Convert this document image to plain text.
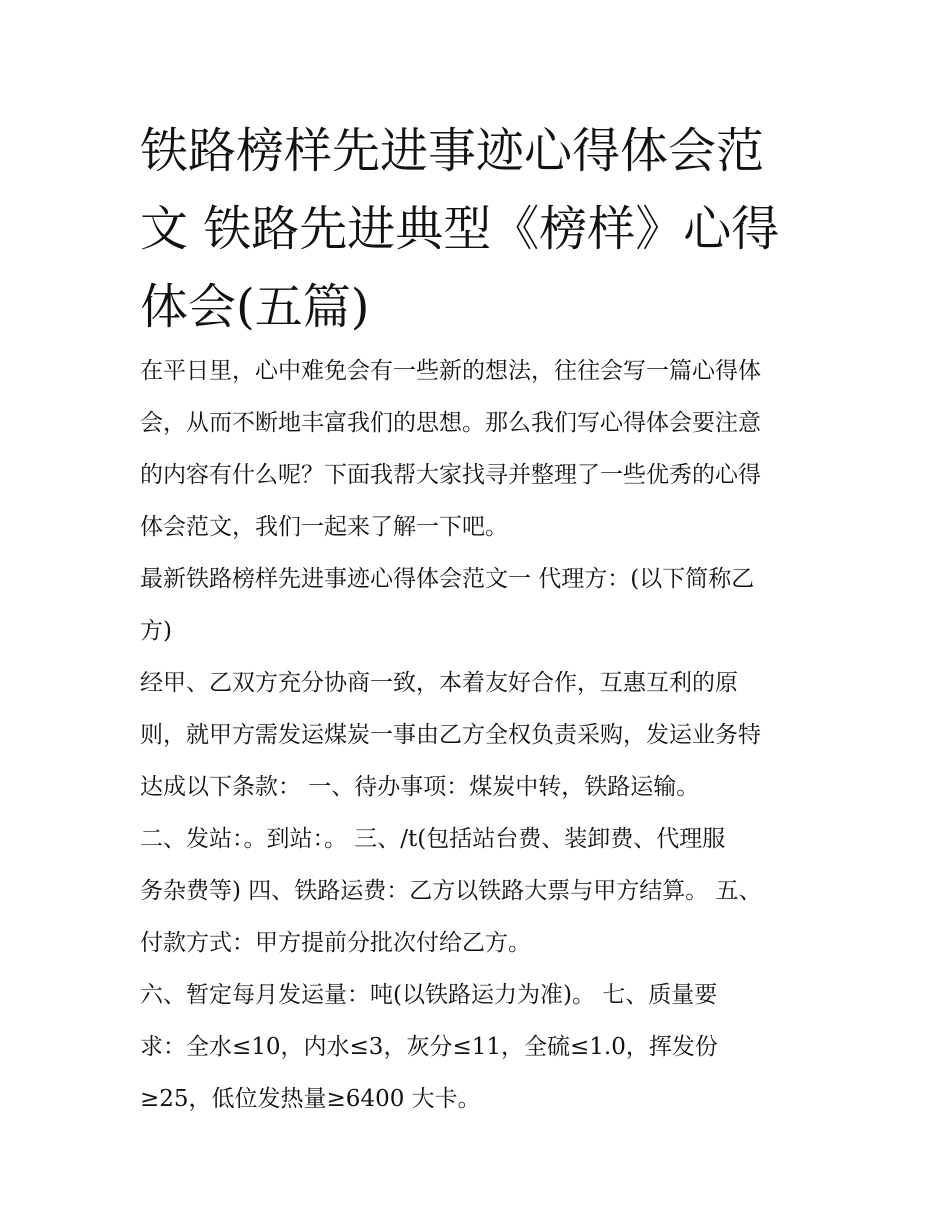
铁路榜样先进事迹心得体会范
文 铁路先进典型《榜样》心得
体会(五篇)
在平日里，心中难免会有一些新的想法，往往会写一篇心得体
会，从而不断地丰富我们的思想。那么我们写心得体会要注意
的内容有什么呢？下面我帮大家找寻并整理了一些优秀的心得
体会范文，我们一起来了解一下吧。
最新铁路榜样先进事迹心得体会范文一 代理方：(以下简称乙
方)
经甲、乙双方充分协商一致，本着友好合作，互惠互利的原
则，就甲方需发运煤炭一事由乙方全权负责采购，发运业务特
达成以下条款： 一、待办事项：煤炭中转，铁路运输。
二、发站：。到站：。 三、/t(包括站台费、装卸费、代理服
务杂费等) 四、铁路运费：乙方以铁路大票与甲方结算。 五、
付款方式：甲方提前分批次付给乙方。
六、暂定每月发运量：吨(以铁路运力为准)。 七、质量要
求：全水≤10，内水≤3，灰分≤11，全硫≤1.0，挥发份
≥25，低位发热量≥6400 大卡。
